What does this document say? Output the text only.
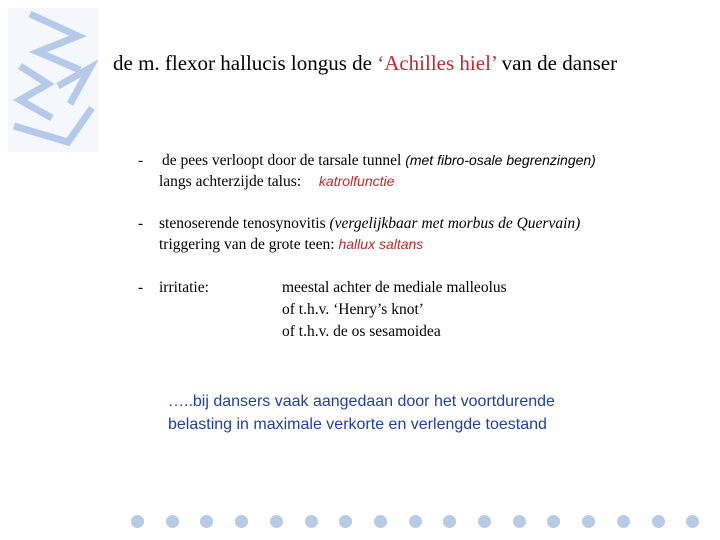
de m. flexor hallucis longus de ‘Achilles hiel’ van de danser
- de pees verloopt door de tarsale tunnel (met fibro-osale begrenzingen)
langs achterzijde talus: katrolfunctie
- stenoserende tenosynovitis (vergelijkbaar met morbus de Quervain)
triggering van de grote teen: hallux saltans
- irritatie:	meestal achter de mediale malleolus
of t.h.v. ‘Henry’s knot’
of t.h.v. de os sesamoidea
…..bij dansers vaak aangedaan door het voortdurende
belasting in maximale verkorte en verlengde toestand
